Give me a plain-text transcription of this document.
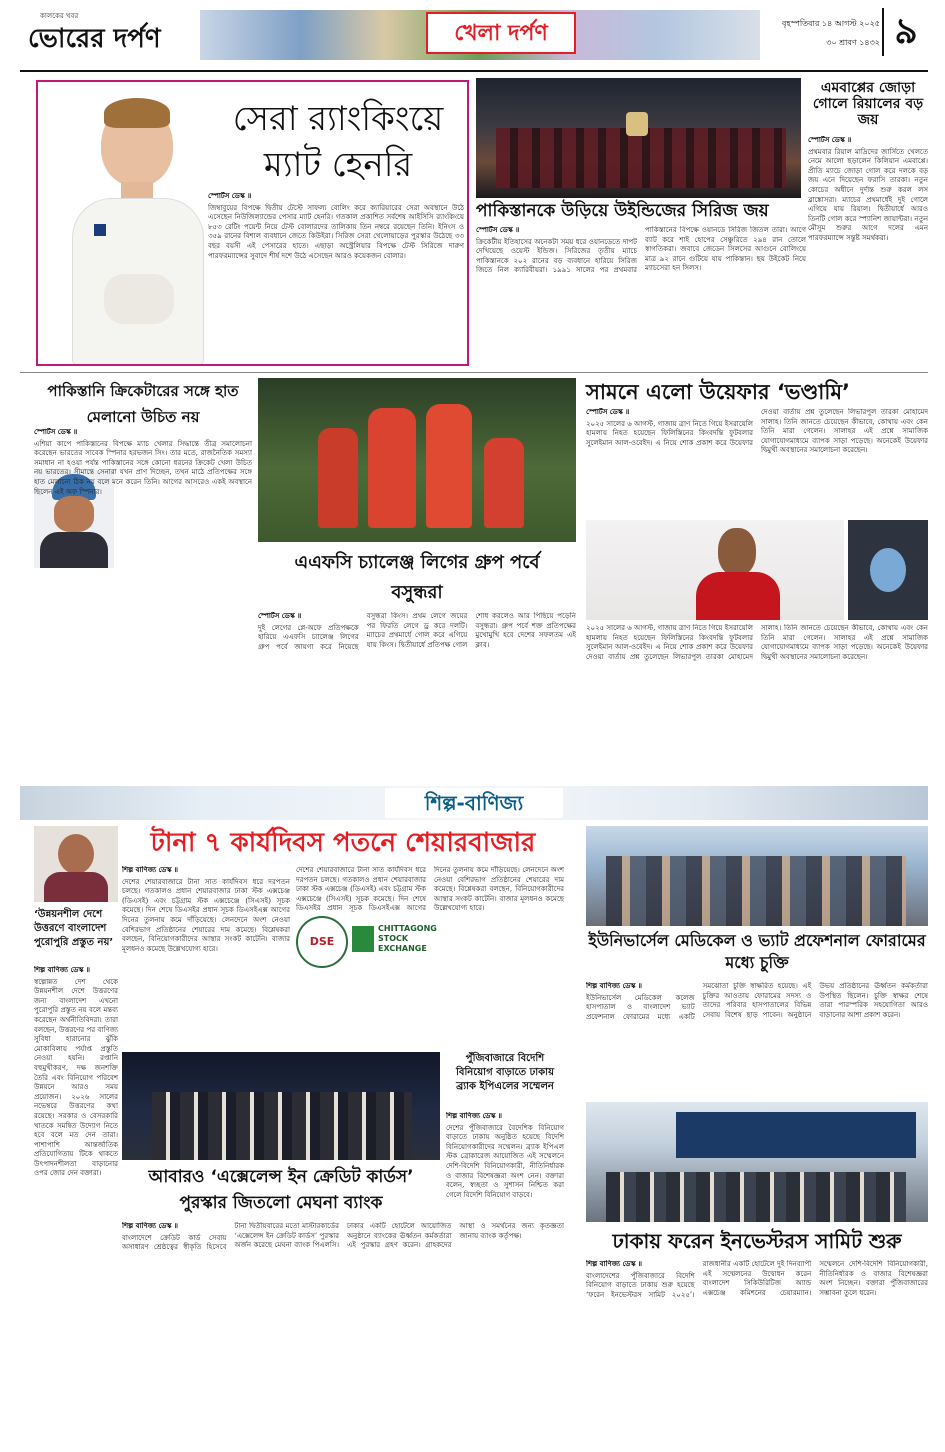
কালকের খবর
ভোরের দর্পণ	খেলা দর্পণ	বৃহস্পতিবার ১৪ আগস্ট ২০২৫
৩০ শ্রাবণ ১৪৩২ ৯
সেরা র‍্যাংকিংয়ে ম্যাট হেনরি
স্পোর্টস ডেস্ক ॥
জিম্বাবুয়ের বিপক্ষে দ্বিতীয় টেস্টে সাফল্য বোলিং করে ক্যারিয়ারের সেরা অবস্থানে উঠে এসেছেন নিউজিল্যান্ডের পেসার ম্যাট হেনরি। গতকাল প্রকাশিত সর্বশেষ আইসিসি র‍্যাংকিংয়ে ৮৫৩ রেটিং পয়েন্ট নিয়ে টেস্ট বোলারদের তালিকায় তিন নম্বরে রয়েছেন তিনি। ইনিংস ও ৩৫৯ রানের বিশাল ব্যবধানে জেতে কিউইরা। সিরিজ সেরা খেলোয়াড়ের পুরস্কার উঠেছে ৩৩ বছর বয়সী এই পেসারের হাতে। এছাড়া অস্ট্রেলিয়ার বিপক্ষে টেস্ট সিরিজে দারুণ পারফরম্যান্সের সুবাদে শীর্ষ দশে উঠে এসেছেন আরও কয়েকজন বোলার।
পাকিস্তানকে উড়িয়ে উইন্ডিজের সিরিজ জয়
স্পোর্টস ডেস্ক ॥
ক্রিকেটীয় ইতিহাসের অনেকটা সময় ধরে ওয়ানডেতে দাপট দেখিয়েছে ওয়েস্ট ইন্ডিজ। সিরিজের তৃতীয় ম্যাচে পাকিস্তানকে ২০২ রানের বড় ব্যবধানে হারিয়ে সিরিজ জিতে নিল ক্যারিবীয়রা। ১৯৯১ সালের পর প্রথমবার পাকিস্তানের বিপক্ষে ওয়ানডে সিরিজ জিতল তারা। আগে ব্যাট করে শাই হোপের সেঞ্চুরিতে ২৯৪ রান তোলে স্বাগতিকরা। জবাবে জেডেন সিলসের আগুনে বোলিংয়ে মাত্র ৯২ রানে গুটিয়ে যায় পাকিস্তান। ছয় উইকেট নিয়ে ম্যাচসেরা হন সিলস।
এমবাপ্পের জোড়া গোলে রিয়ালের বড় জয়
স্পোর্টস ডেস্ক ॥
প্রথমবার রিয়াল মাদ্রিদের জার্সিতে খেলতে নেমে আলো ছড়ালেন কিলিয়ান এমবাপ্পে। প্রীতি ম্যাচে জোড়া গোল করে দলকে বড় জয় এনে দিয়েছেন ফরাসি তারকা। নতুন কোচের অধীনে দুর্দান্ত শুরু করল লস ব্লাঙ্কোসরা। ম্যাচের প্রথমার্ধেই দুই গোলে এগিয়ে যায় রিয়াল। দ্বিতীয়ার্ধে আরও তিনটি গোল করে স্প্যানিশ জায়ান্টরা। নতুন মৌসুম শুরুর আগে দলের এমন পারফরম্যান্সে সন্তুষ্ট সমর্থকরা।
পাকিস্তানি ক্রিকেটারের সঙ্গে হাত মেলানো উচিত নয়
স্পোর্টস ডেস্ক ॥
এশিয়া কাপে পাকিস্তানের বিপক্ষে ম্যাচ খেলার সিদ্ধান্তে তীব্র সমালোচনা করেছেন ভারতের সাবেক স্পিনার হরভজন সিং। তার মতে, রাজনৈতিক সমস্যা সমাধান না হওয়া পর্যন্ত পাকিস্তানের সঙ্গে কোনো ধরনের ক্রিকেট খেলা উচিত নয় ভারতের। সীমান্তে সেনারা যখন প্রাণ দিচ্ছেন, তখন মাঠে প্রতিপক্ষের সঙ্গে হাত মেলানো ঠিক নয় বলে মনে করেন তিনি। আগের আসরেও একই অবস্থানে ছিলেন এই অফ স্পিনার।
এএফসি চ্যালেঞ্জ লিগের গ্রুপ পর্বে বসুন্ধরা
স্পোর্টস ডেস্ক ॥
দুই লেগের প্লে-অফে প্রতিপক্ষকে হারিয়ে এএফসি চ্যালেঞ্জ লিগের গ্রুপ পর্বে জায়গা করে নিয়েছে বসুন্ধরা কিংস। প্রথম লেগে জয়ের পর ফিরতি লেগে ড্র করে দলটি। ম্যাচের প্রথমার্ধে গোল করে এগিয়ে যায় কিংস। দ্বিতীয়ার্ধে প্রতিপক্ষ গোল শোধ করলেও আর পিছিয়ে পড়েনি বসুন্ধরা। গ্রুপ পর্বে শক্ত প্রতিপক্ষের মুখোমুখি হবে দেশের সফলতম এই ক্লাব।
সামনে এলো উয়েফার ‘ভণ্ডামি’
স্পোর্টস ডেস্ক ॥
২০২৫ সালের ৬ আগস্ট, গাজায় ত্রাণ নিতে গিয়ে ইসরায়েলি হামলায় নিহত হয়েছেন ফিলিস্তিনের কিংবদন্তি ফুটবলার সুলেইমান আল-ওবেইদ। এ নিয়ে শোক প্রকাশ করে উয়েফার দেওয়া বার্তায় প্রশ্ন তুলেছেন লিভারপুল তারকা মোহামেদ সালাহ। তিনি জানতে চেয়েছেন কীভাবে, কোথায় এবং কেন তিনি মারা গেলেন। সালাহর এই প্রশ্নে সামাজিক যোগাযোগমাধ্যমে ব্যাপক সাড়া পড়েছে। অনেকেই উয়েফার দ্বিমুখী অবস্থানের সমালোচনা করেছেন।
২০২৫ সালের ৬ আগস্ট, গাজায় ত্রাণ নিতে গিয়ে ইসরায়েলি হামলায় নিহত হয়েছেন ফিলিস্তিনের কিংবদন্তি ফুটবলার সুলেইমান আল-ওবেইদ। এ নিয়ে শোক প্রকাশ করে উয়েফার দেওয়া বার্তায় প্রশ্ন তুলেছেন লিভারপুল তারকা মোহামেদ সালাহ। তিনি জানতে চেয়েছেন কীভাবে, কোথায় এবং কেন তিনি মারা গেলেন। সালাহর এই প্রশ্নে সামাজিক যোগাযোগমাধ্যমে ব্যাপক সাড়া পড়েছে। অনেকেই উয়েফার দ্বিমুখী অবস্থানের সমালোচনা করেছেন।
শিল্প-বাণিজ্য
টানা ৭ কার্যদিবস পতনে শেয়ারবাজার
শিল্প বাণিজ্য ডেস্ক ॥
দেশের শেয়ারবাজারে টানা সাত কার্যদিবস ধরে দরপতন চলছে। গতকালও প্রধান শেয়ারবাজার ঢাকা স্টক এক্সচেঞ্জ (ডিএসই) এবং চট্টগ্রাম স্টক এক্সচেঞ্জে (সিএসই) সূচক কমেছে। দিন শেষে ডিএসইর প্রধান সূচক ডিএসইএক্স আগের দিনের তুলনায় কমে দাঁড়িয়েছে। লেনদেনে অংশ নেওয়া বেশিরভাগ প্রতিষ্ঠানের শেয়ারের দাম কমেছে। বিশ্লেষকরা বলছেন, বিনিয়োগকারীদের আস্থার সংকট কাটেনি। বাজার মূলধনও কমেছে উল্লেখযোগ্য হারে।
DSE
CHITTAGONG STOCK EXCHANGE
দেশের শেয়ারবাজারে টানা সাত কার্যদিবস ধরে দরপতন চলছে। গতকালও প্রধান শেয়ারবাজার ঢাকা স্টক এক্সচেঞ্জ (ডিএসই) এবং চট্টগ্রাম স্টক এক্সচেঞ্জে (সিএসই) সূচক কমেছে। দিন শেষে ডিএসইর প্রধান সূচক ডিএসইএক্স আগের দিনের তুলনায় কমে দাঁড়িয়েছে। লেনদেনে অংশ নেওয়া বেশিরভাগ প্রতিষ্ঠানের শেয়ারের দাম কমেছে। বিশ্লেষকরা বলছেন, বিনিয়োগকারীদের আস্থার সংকট কাটেনি। বাজার মূলধনও কমেছে উল্লেখযোগ্য হারে।
‘উন্নয়নশীল দেশে উত্তরণে বাংলাদেশ পুরোপুরি প্রস্তুত নয়’
শিল্প বাণিজ্য ডেস্ক ॥
স্বল্পোন্নত দেশ থেকে উন্নয়নশীল দেশে উত্তরণের জন্য বাংলাদেশ এখনো পুরোপুরি প্রস্তুত নয় বলে মন্তব্য করেছেন অর্থনীতিবিদরা। তারা বলছেন, উত্তরণের পর বাণিজ্য সুবিধা হারানোর ঝুঁকি মোকাবিলায় পর্যাপ্ত প্রস্তুতি নেওয়া হয়নি। রপ্তানি বহুমুখীকরণ, দক্ষ জনশক্তি তৈরি এবং বিনিয়োগ পরিবেশ উন্নয়নে আরও সময় প্রয়োজন। ২০২৬ সালের নভেম্বরে উত্তরণের কথা রয়েছে। সরকার ও বেসরকারি খাতকে সমন্বিত উদ্যোগ নিতে হবে বলে মত দেন তারা। পাশাপাশি আন্তর্জাতিক প্রতিযোগিতায় টিকে থাকতে উৎপাদনশীলতা বাড়ানোর ওপর জোর দেন বক্তারা।
ইউনিভার্সেল মেডিকেল ও ভ্যাট প্রফেশনাল ফোরামের মধ্যে চুক্তি
শিল্প বাণিজ্য ডেস্ক ॥
ইউনিভার্সেল মেডিকেল কলেজ হাসপাতাল ও বাংলাদেশ ভ্যাট প্রফেশনাল ফোরামের মধ্যে একটি সমঝোতা চুক্তি স্বাক্ষরিত হয়েছে। এই চুক্তির আওতায় ফোরামের সদস্য ও তাদের পরিবার হাসপাতালের বিভিন্ন সেবায় বিশেষ ছাড় পাবেন। অনুষ্ঠানে উভয় প্রতিষ্ঠানের ঊর্ধ্বতন কর্মকর্তারা উপস্থিত ছিলেন। চুক্তি স্বাক্ষর শেষে তারা পারস্পরিক সহযোগিতা আরও বাড়ানোর আশা প্রকাশ করেন।
আবারও ‘এক্সেলেন্স ইন ক্রেডিট কার্ডস’ পুরস্কার জিতলো মেঘনা ব্যাংক
শিল্প বাণিজ্য ডেস্ক ॥
বাংলাদেশে ক্রেডিট কার্ড সেবায় অসাধারণ শ্রেষ্ঠত্বের স্বীকৃতি হিসেবে টানা দ্বিতীয়বারের মতো মাস্টারকার্ডের ‘এক্সেলেন্স ইন ক্রেডিট কার্ডস’ পুরস্কার অর্জন করেছে মেঘনা ব্যাংক পিএলসি। ঢাকার একটি হোটেলে আয়োজিত অনুষ্ঠানে ব্যাংকের ঊর্ধ্বতন কর্মকর্তারা এই পুরস্কার গ্রহণ করেন। গ্রাহকদের আস্থা ও সমর্থনের জন্য কৃতজ্ঞতা জানায় ব্যাংক কর্তৃপক্ষ।
পুঁজিবাজারে বিদেশি বিনিয়োগ বাড়াতে ঢাকায় ব্র্যাক ইপিএলের সম্মেলন
শিল্প বাণিজ্য ডেস্ক ॥
দেশের পুঁজিবাজারে বৈদেশিক বিনিয়োগ বাড়াতে ঢাকায় অনুষ্ঠিত হয়েছে বিদেশি বিনিয়োগকারীদের সম্মেলন। ব্র্যাক ইপিএল স্টক ব্রোকারেজ আয়োজিত এই সম্মেলনে দেশি-বিদেশি বিনিয়োগকারী, নীতিনির্ধারক ও বাজার বিশেষজ্ঞরা অংশ নেন। বক্তারা বলেন, স্বচ্ছতা ও সুশাসন নিশ্চিত করা গেলে বিদেশি বিনিয়োগ বাড়বে।
ঢাকায় ফরেন ইনভেস্টরস সামিট শুরু
শিল্প বাণিজ্য ডেস্ক ॥
বাংলাদেশের পুঁজিবাজারে বিদেশি বিনিয়োগ বাড়াতে ঢাকায় শুরু হয়েছে ‘ফরেন ইনভেস্টরস সামিট ২০২৫’। রাজধানীর একটি হোটেলে দুই দিনব্যাপী এই সম্মেলনের উদ্বোধন করেন বাংলাদেশ সিকিউরিটিজ অ্যান্ড এক্সচেঞ্জ কমিশনের চেয়ারম্যান। সম্মেলনে দেশি-বিদেশি বিনিয়োগকারী, নীতিনির্ধারক ও বাজার বিশেষজ্ঞরা অংশ নিচ্ছেন। বক্তারা পুঁজিবাজারের সম্ভাবনা তুলে ধরেন।
